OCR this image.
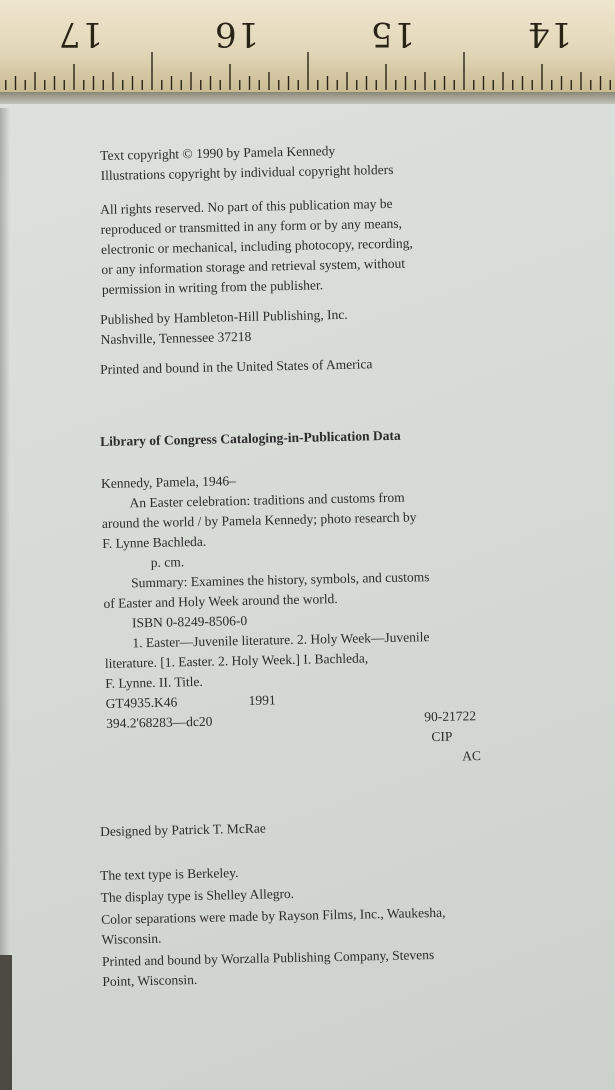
17	16	15	14

Text copyright © 1990 by Pamela Kennedy

Illustrations copyright by individual copyright holders

All rights reserved. No part of this publication may be

reproduced or transmitted in any form or by any means,

electronic or mechanical, including photocopy, recording,

or any information storage and retrieval system, without

permission in writing from the publisher.

Published by Hambleton-Hill Publishing, Inc.

Nashville, Tennessee 37218

Printed and bound in the United States of America

Library of Congress Cataloging-in-Publication Data

Kennedy, Pamela, 1946–

An Easter celebration: traditions and customs from

around the world / by Pamela Kennedy; photo research by

F. Lynne Bachleda.

p. cm.

Summary: Examines the history, symbols, and customs

of Easter and Holy Week around the world.

ISBN 0-8249-8506-0

1. Easter—Juvenile literature. 2. Holy Week—Juvenile

literature. [1. Easter. 2. Holy Week.] I. Bachleda,

F. Lynne. II. Title.

GT4935.K46	1991
394.2'68283—dc20	90-21722

CIP

AC

Designed by Patrick T. McRae

The text type is Berkeley.

The display type is Shelley Allegro.

Color separations were made by Rayson Films, Inc., Waukesha,

Wisconsin.

Printed and bound by Worzalla Publishing Company, Stevens

Point, Wisconsin.
